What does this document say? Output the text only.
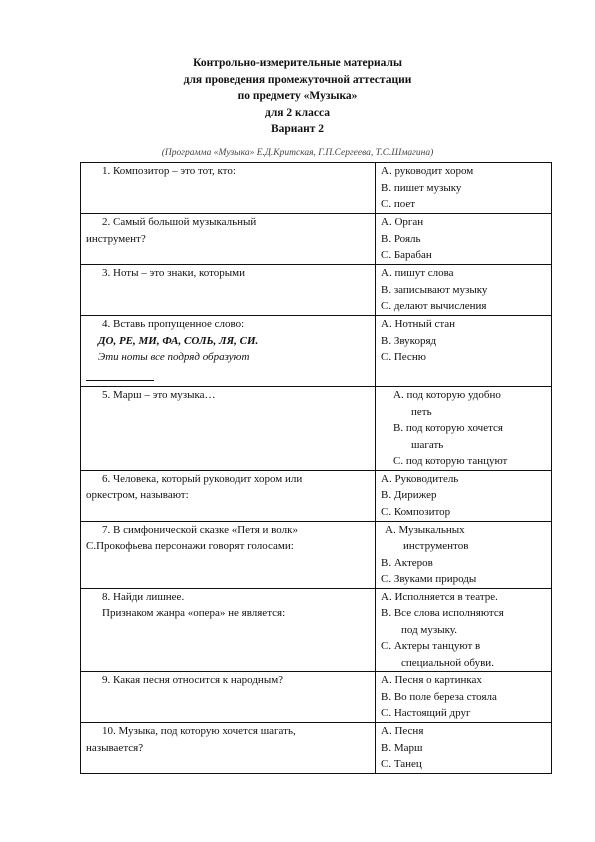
Контрольно-измерительные материалы
для проведения промежуточной аттестации
по предмету «Музыка»
для 2 класса
Вариант 2
(Программа «Музыка» Е.Д.Критская, Г.П.Сергеева, Т.С.Шмагина)
1. Композитор – это тот, кто:	А. руководит хором
В. пишет музыку
С. поет

2. Самый большой музыкальный
инструмент?	А. Орган
В. Рояль
С. Барабан

3. Ноты – это знаки, которыми	А. пишут слова
В. записывают музыку
С. делают вычисления

4. Вставь пропущенное слово:
ДО, РЕ, МИ, ФА, СОЛЬ, ЛЯ, СИ.
Эти ноты все подряд образуют	А. Нотный стан
В. Звукоряд
С. Песню

5. Марш – это музыка…	А. под которую удобно
петь
В. под которую хочется
шагать
С. под которую танцуют

6. Человека, который руководит хором или
оркестром, называют:	А. Руководитель
В. Дирижер
С. Композитор

7. В симфонической сказке «Петя и волк»
С.Прокофьева персонажи говорят голосами:	А. Музыкальных
инструментов
В. Актеров
С. Звуками природы

8. Найди лишнее.
Признаком жанра «опера» не является:	А. Исполняется в театре.
В. Все слова исполняются
под музыку.
С. Актеры танцуют в
специальной обуви.

9. Какая песня относится к народным?	А. Песня о картинках
В. Во поле береза стояла
С. Настоящий друг

10. Музыка, под которую хочется шагать,
называется?	А. Песня
В. Марш
С. Танец
